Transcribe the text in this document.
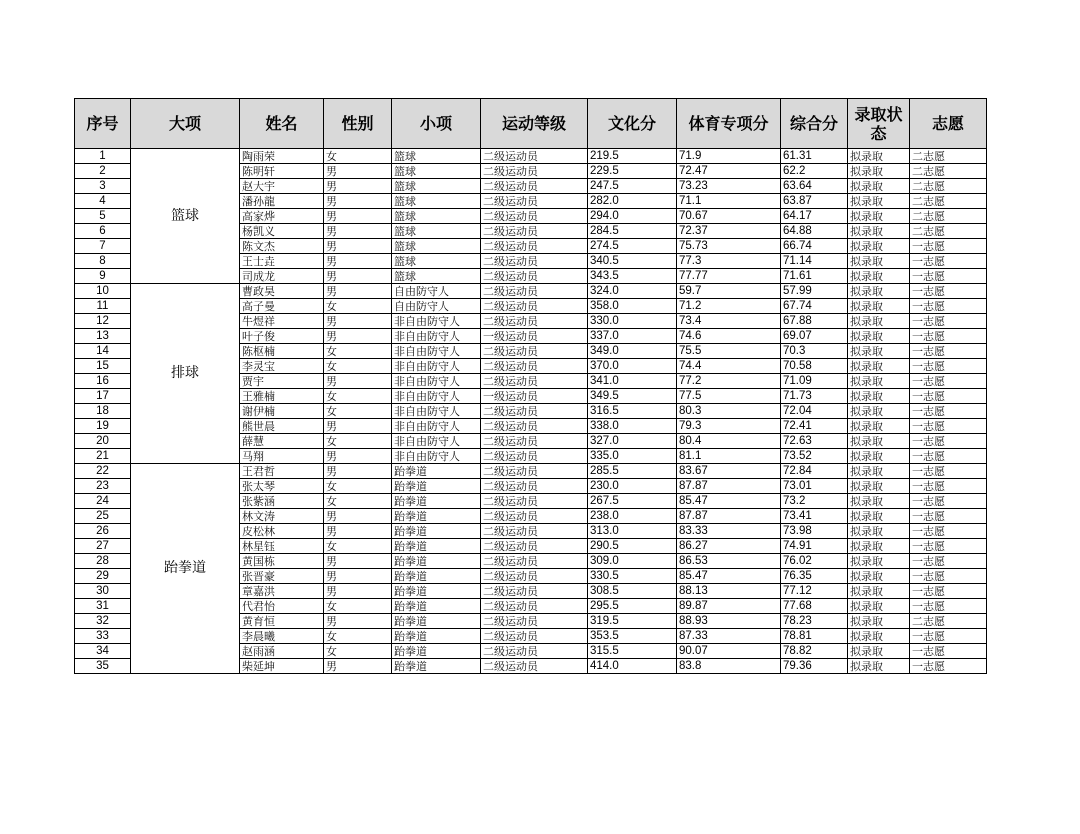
序号	大项	姓名	性别	小项	运动等级	文化分	体育专项分	综合分	录取状态	志愿
1	篮球	陶雨荣	女	篮球	二级运动员	219.5	71.9	61.31	拟录取	二志愿
2		陈明轩	男	篮球	二级运动员	229.5	72.47	62.2	拟录取	二志愿
3		赵大宇	男	篮球	二级运动员	247.5	73.23	63.64	拟录取	二志愿
4		潘孙龍	男	篮球	二级运动员	282.0	71.1	63.87	拟录取	二志愿
5		高家烨	男	篮球	二级运动员	294.0	70.67	64.17	拟录取	二志愿
6		杨凯义	男	篮球	二级运动员	284.5	72.37	64.88	拟录取	二志愿
7		陈文杰	男	篮球	二级运动员	274.5	75.73	66.74	拟录取	一志愿
8		王士垚	男	篮球	二级运动员	340.5	77.3	71.14	拟录取	一志愿
9		司成龙	男	篮球	二级运动员	343.5	77.77	71.61	拟录取	一志愿
10	排球	曹政昊	男	自由防守人	二级运动员	324.0	59.7	57.99	拟录取	一志愿
11		高子曼	女	自由防守人	二级运动员	358.0	71.2	67.74	拟录取	一志愿
12		牛煜祥	男	非自由防守人	二级运动员	330.0	73.4	67.88	拟录取	一志愿
13		叶子俊	男	非自由防守人	一级运动员	337.0	74.6	69.07	拟录取	一志愿
14		陈枢楠	女	非自由防守人	二级运动员	349.0	75.5	70.3	拟录取	一志愿
15		李灵宝	女	非自由防守人	二级运动员	370.0	74.4	70.58	拟录取	一志愿
16		贾宇	男	非自由防守人	二级运动员	341.0	77.2	71.09	拟录取	一志愿
17		王雅楠	女	非自由防守人	一级运动员	349.5	77.5	71.73	拟录取	一志愿
18		谢伊楠	女	非自由防守人	二级运动员	316.5	80.3	72.04	拟录取	一志愿
19		熊世晨	男	非自由防守人	二级运动员	338.0	79.3	72.41	拟录取	一志愿
20		薛慧	女	非自由防守人	二级运动员	327.0	80.4	72.63	拟录取	一志愿
21		马翔	男	非自由防守人	二级运动员	335.0	81.1	73.52	拟录取	一志愿
22	跆拳道	王君哲	男	跆拳道	二级运动员	285.5	83.67	72.84	拟录取	一志愿
23		张太琴	女	跆拳道	二级运动员	230.0	87.87	73.01	拟录取	一志愿
24		张紫涵	女	跆拳道	二级运动员	267.5	85.47	73.2	拟录取	一志愿
25		林文涛	男	跆拳道	二级运动员	238.0	87.87	73.41	拟录取	一志愿
26		皮松林	男	跆拳道	二级运动员	313.0	83.33	73.98	拟录取	一志愿
27		林星钰	女	跆拳道	二级运动员	290.5	86.27	74.91	拟录取	一志愿
28		黄国栋	男	跆拳道	二级运动员	309.0	86.53	76.02	拟录取	一志愿
29		张晋豪	男	跆拳道	二级运动员	330.5	85.47	76.35	拟录取	一志愿
30		章嘉洪	男	跆拳道	二级运动员	308.5	88.13	77.12	拟录取	一志愿
31		代君怡	女	跆拳道	二级运动员	295.5	89.87	77.68	拟录取	一志愿
32		黄育恒	男	跆拳道	二级运动员	319.5	88.93	78.23	拟录取	二志愿
33		李晨曦	女	跆拳道	二级运动员	353.5	87.33	78.81	拟录取	一志愿
34		赵雨涵	女	跆拳道	二级运动员	315.5	90.07	78.82	拟录取	一志愿
35		柴延坤	男	跆拳道	二级运动员	414.0	83.8	79.36	拟录取	一志愿
